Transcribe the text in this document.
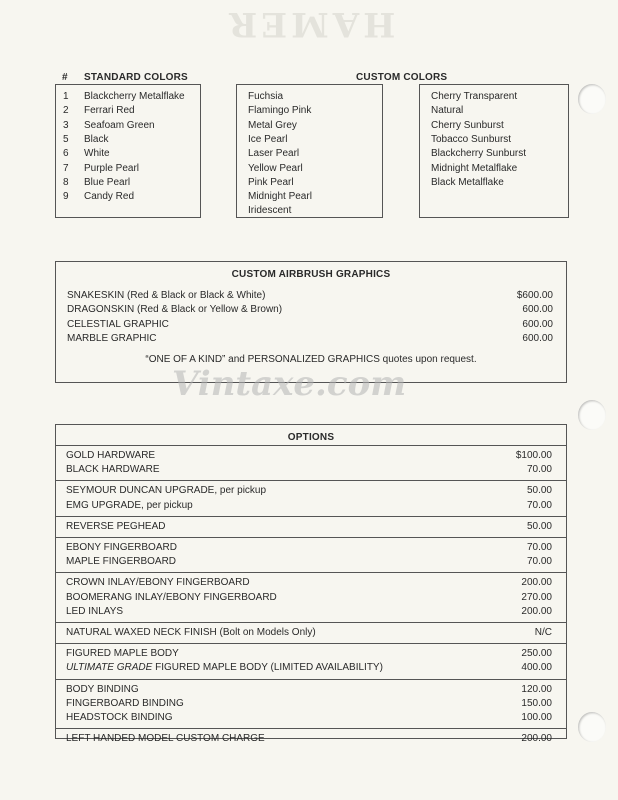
HAMER
# STANDARD COLORS	CUSTOM COLORS
1 Blackcherry Metalflake
2 Ferrari Red
3 Seafoam Green
5 Black
6 White
7 Purple Pearl
8 Blue Pearl
9 Candy Red
Fuchsia
Flamingo Pink
Metal Grey
Ice Pearl
Laser Pearl
Yellow Pearl
Pink Pearl
Midnight Pearl
Iridescent
Cherry Transparent
Natural
Cherry Sunburst
Tobacco Sunburst
Blackcherry Sunburst
Midnight Metalflake
Black Metalflake
CUSTOM AIRBRUSH GRAPHICS
SNAKESKIN (Red & Black or Black & White)	$600.00
DRAGONSKIN (Red & Black or Yellow & Brown)	600.00
CELESTIAL GRAPHIC	600.00
MARBLE GRAPHIC	600.00
“ONE OF A KIND” and PERSONALIZED GRAPHICS quotes upon request.
Vintaxe.com
OPTIONS
GOLD HARDWARE	$100.00
BLACK HARDWARE	70.00
SEYMOUR DUNCAN UPGRADE, per pickup	50.00
EMG UPGRADE, per pickup	70.00
REVERSE PEGHEAD	50.00
EBONY FINGERBOARD	70.00
MAPLE FINGERBOARD	70.00
CROWN INLAY/EBONY FINGERBOARD	200.00
BOOMERANG INLAY/EBONY FINGERBOARD	270.00
LED INLAYS	200.00
NATURAL WAXED NECK FINISH (Bolt on Models Only)	N/C
FIGURED MAPLE BODY	250.00
ULTIMATE GRADE FIGURED MAPLE BODY (LIMITED AVAILABILITY)	400.00
BODY BINDING	120.00
FINGERBOARD BINDING	150.00
HEADSTOCK BINDING	100.00
LEFT HANDED MODEL CUSTOM CHARGE	200.00
